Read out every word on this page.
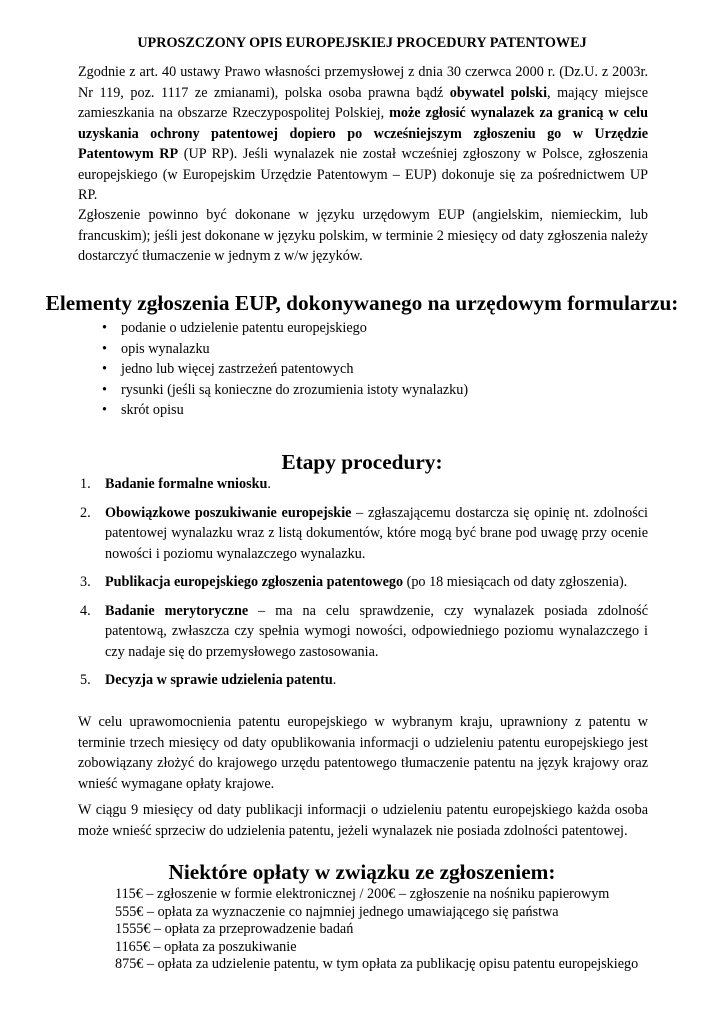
UPROSZCZONY OPIS EUROPEJSKIEJ PROCEDURY PATENTOWEJ

Zgodnie z art. 40 ustawy Prawo własności przemysłowej z dnia 30 czerwca 2000 r. (Dz.U. z 2003r. Nr 119, poz. 1117 ze zmianami), polska osoba prawna bądź obywatel polski, mający miejsce zamieszkania na obszarze Rzeczypospolitej Polskiej, może zgłosić wynalazek za granicą w celu uzyskania ochrony patentowej dopiero po wcześniejszym zgłoszeniu go w Urzędzie Patentowym RP (UP RP). Jeśli wynalazek nie został wcześniej zgłoszony w Polsce, zgłoszenia europejskiego (w Europejskim Urzędzie Patentowym – EUP) dokonuje się za pośrednictwem UP RP.

Zgłoszenie powinno być dokonane w języku urzędowym EUP (angielskim, niemieckim, lub francuskim); jeśli jest dokonane w języku polskim, w terminie 2 miesięcy od daty zgłoszenia należy dostarczyć tłumaczenie w jednym z w/w języków.

Elementy zgłoszenia EUP, dokonywanego na urzędowym formularzu:
• podanie o udzielenie patentu europejskiego
• opis wynalazku
• jedno lub więcej zastrzeżeń patentowych
• rysunki (jeśli są konieczne do zrozumienia istoty wynalazku)
• skrót opisu
Etapy procedury:
1. Badanie formalne wniosku.
2. Obowiązkowe poszukiwanie europejskie – zgłaszającemu dostarcza się opinię nt. zdolności patentowej wynalazku wraz z listą dokumentów, które mogą być brane pod uwagę przy ocenie nowości i poziomu wynalazczego wynalazku.
3. Publikacja europejskiego zgłoszenia patentowego (po 18 miesiącach od daty zgłoszenia).
4. Badanie merytoryczne – ma na celu sprawdzenie, czy wynalazek posiada zdolność patentową, zwłaszcza czy spełnia wymogi nowości, odpowiedniego poziomu wynalazczego i czy nadaje się do przemysłowego zastosowania.
5. Decyzja w sprawie udzielenia patentu.

W celu uprawomocnienia patentu europejskiego w wybranym kraju, uprawniony z patentu w terminie trzech miesięcy od daty opublikowania informacji o udzieleniu patentu europejskiego jest zobowiązany złożyć do krajowego urzędu patentowego tłumaczenie patentu na język krajowy oraz wnieść wymagane opłaty krajowe.

W ciągu 9 miesięcy od daty publikacji informacji o udzieleniu patentu europejskiego każda osoba może wnieść sprzeciw do udzielenia patentu, jeżeli wynalazek nie posiada zdolności patentowej.

Niektóre opłaty w związku ze zgłoszeniem:
115€ – zgłoszenie w formie elektronicznej / 200€ – zgłoszenie na nośniku papierowym
555€ – opłata za wyznaczenie co najmniej jednego umawiającego się państwa
1555€ – opłata za przeprowadzenie badań
1165€ – opłata za poszukiwanie
875€ – opłata za udzielenie patentu, w tym opłata za publikację opisu patentu europejskiego
